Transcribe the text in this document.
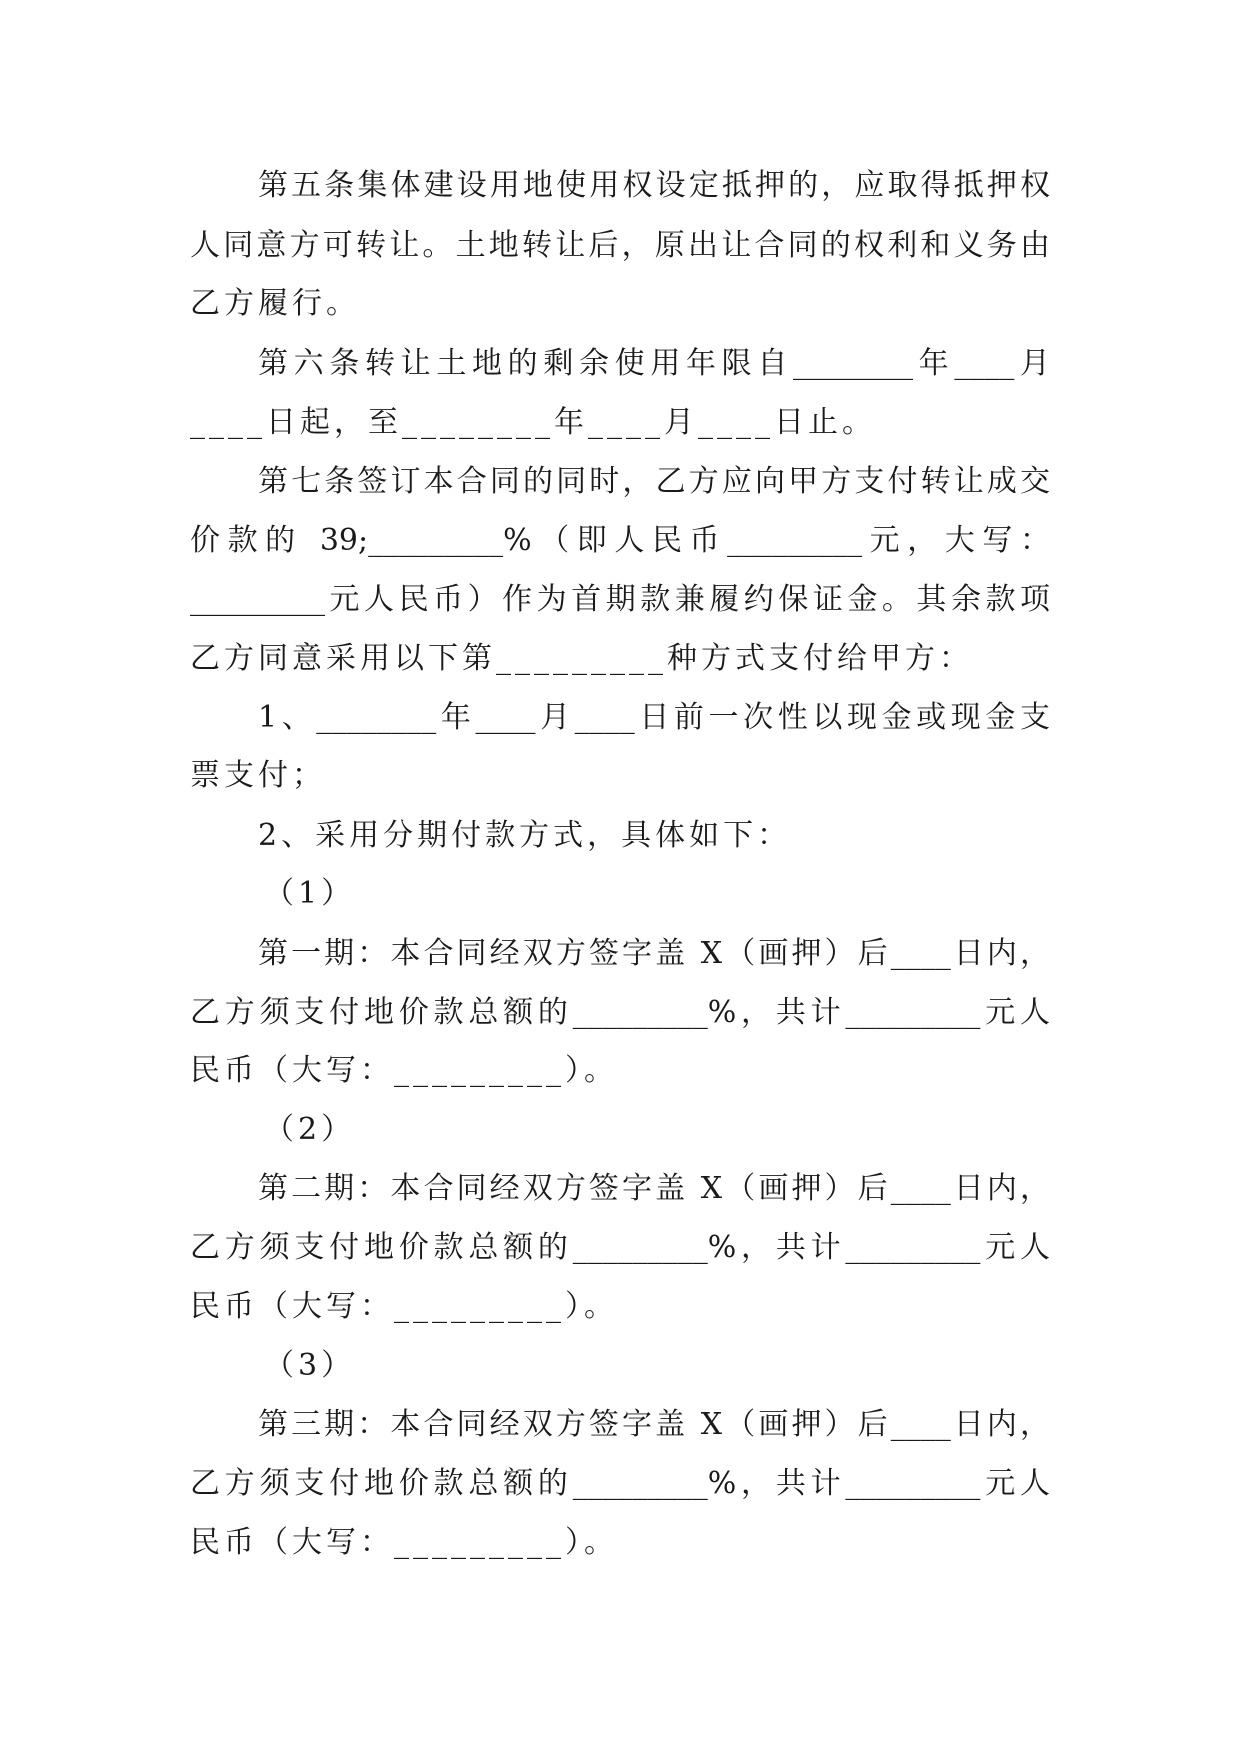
第五条集体建设用地使用权设定抵押的，应取得抵押权
人同意方可转让。土地转让后，原出让合同的权利和义务由
乙方履行。
第六条转让土地的剩余使用年限自________年____月
____日起，至________年____月____日止。
第七条签订本合同的同时，乙方应向甲方支付转让成交
价款的 39;_________%（即人民币_________元，大写：
_________元人民币）作为首期款兼履约保证金。其余款项
乙方同意采用以下第_________种方式支付给甲方：
1、________年____月____日前一次性以现金或现金支
票支付；
2、采用分期付款方式，具体如下：
（1）
第一期：本合同经双方签字盖 X（画押）后____日内，
乙方须支付地价款总额的_________%，共计_________元人
民币（大写：_________）。
（2）
第二期：本合同经双方签字盖 X（画押）后____日内，
乙方须支付地价款总额的_________%，共计_________元人
民币（大写：_________）。
（3）
第三期：本合同经双方签字盖 X（画押）后____日内，
乙方须支付地价款总额的_________%，共计_________元人
民币（大写：_________）。
